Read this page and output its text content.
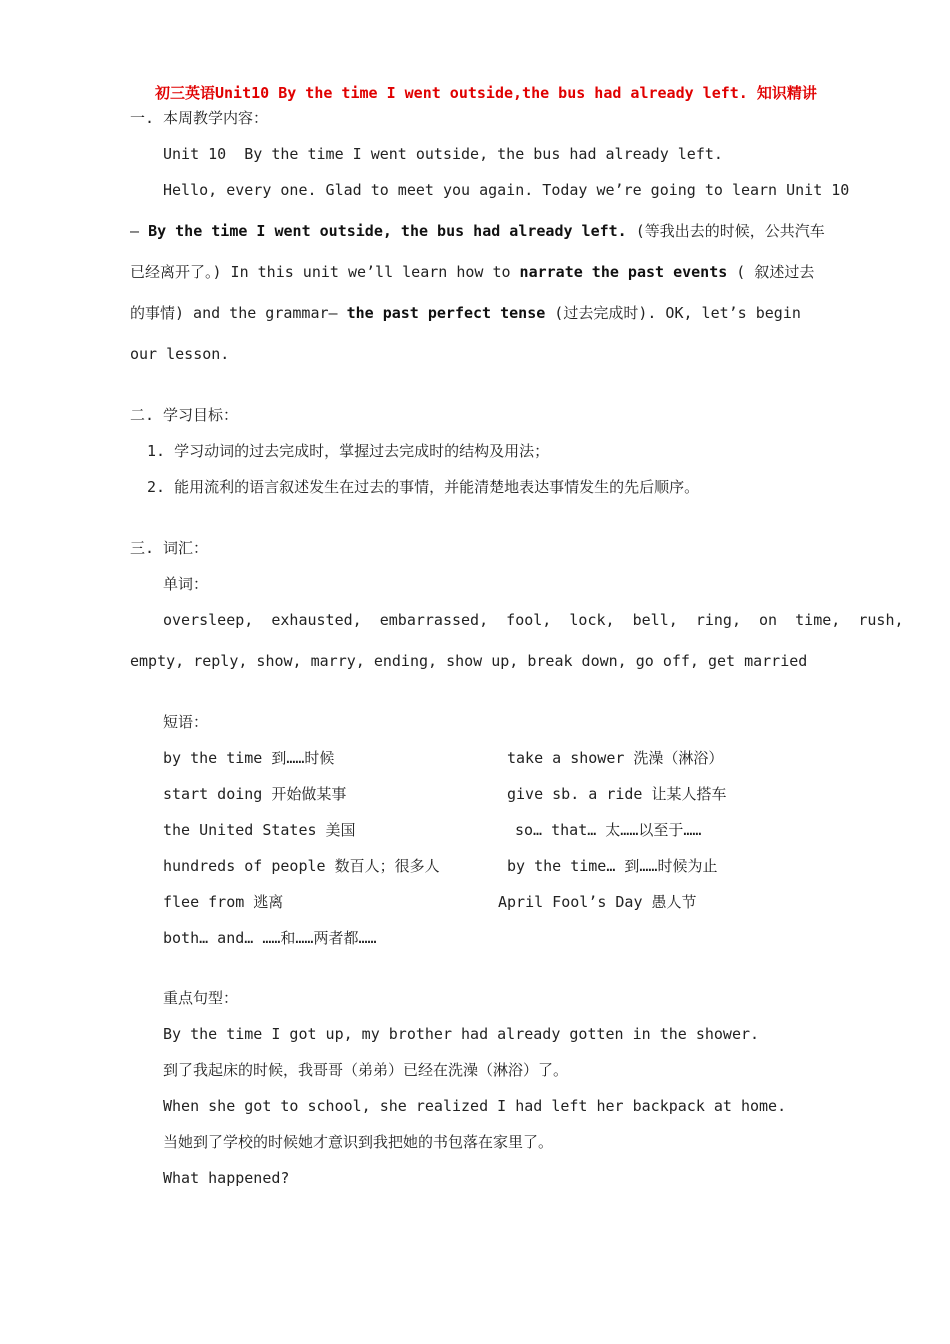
初三英语Unit10 By the time I went outside,the bus had already left. 知识精讲
一. 本周教学内容：
Unit 10  By the time I went outside, the bus had already left.
Hello, every one. Glad to meet you again. Today we’re going to learn Unit 10
— By the time I went outside, the bus had already left. (等我出去的时候，公共汽车
已经离开了。) In this unit we’ll learn how to narrate the past events ( 叙述过去
的事情) and the grammar— the past perfect tense (过去完成时). OK, let’s begin
our lesson.
二. 学习目标：
1. 学习动词的过去完成时，掌握过去完成时的结构及用法；
2. 能用流利的语言叙述发生在过去的事情，并能清楚地表达事情发生的先后顺序。
三. 词汇：
单词：
oversleep,  exhausted,  embarrassed,  fool,  lock,  bell,  ring,  on  time,  rush,
empty, reply, show, marry, ending, show up, break down, go off, get married
短语：
by the time 到……时候
start doing 开始做某事
the United States 美国
hundreds of people 数百人；很多人
flee from 逃离
both… and… ……和……两者都……
take a shower 洗澡（淋浴）
give sb. a ride 让某人搭车
so… that… 太……以至于……
by the time… 到……时候为止
April Fool’s Day 愚人节
重点句型：
By the time I got up, my brother had already gotten in the shower.
到了我起床的时候，我哥哥（弟弟）已经在洗澡（淋浴）了。
When she got to school, she realized I had left her backpack at home.
当她到了学校的时候她才意识到我把她的书包落在家里了。
What happened?
